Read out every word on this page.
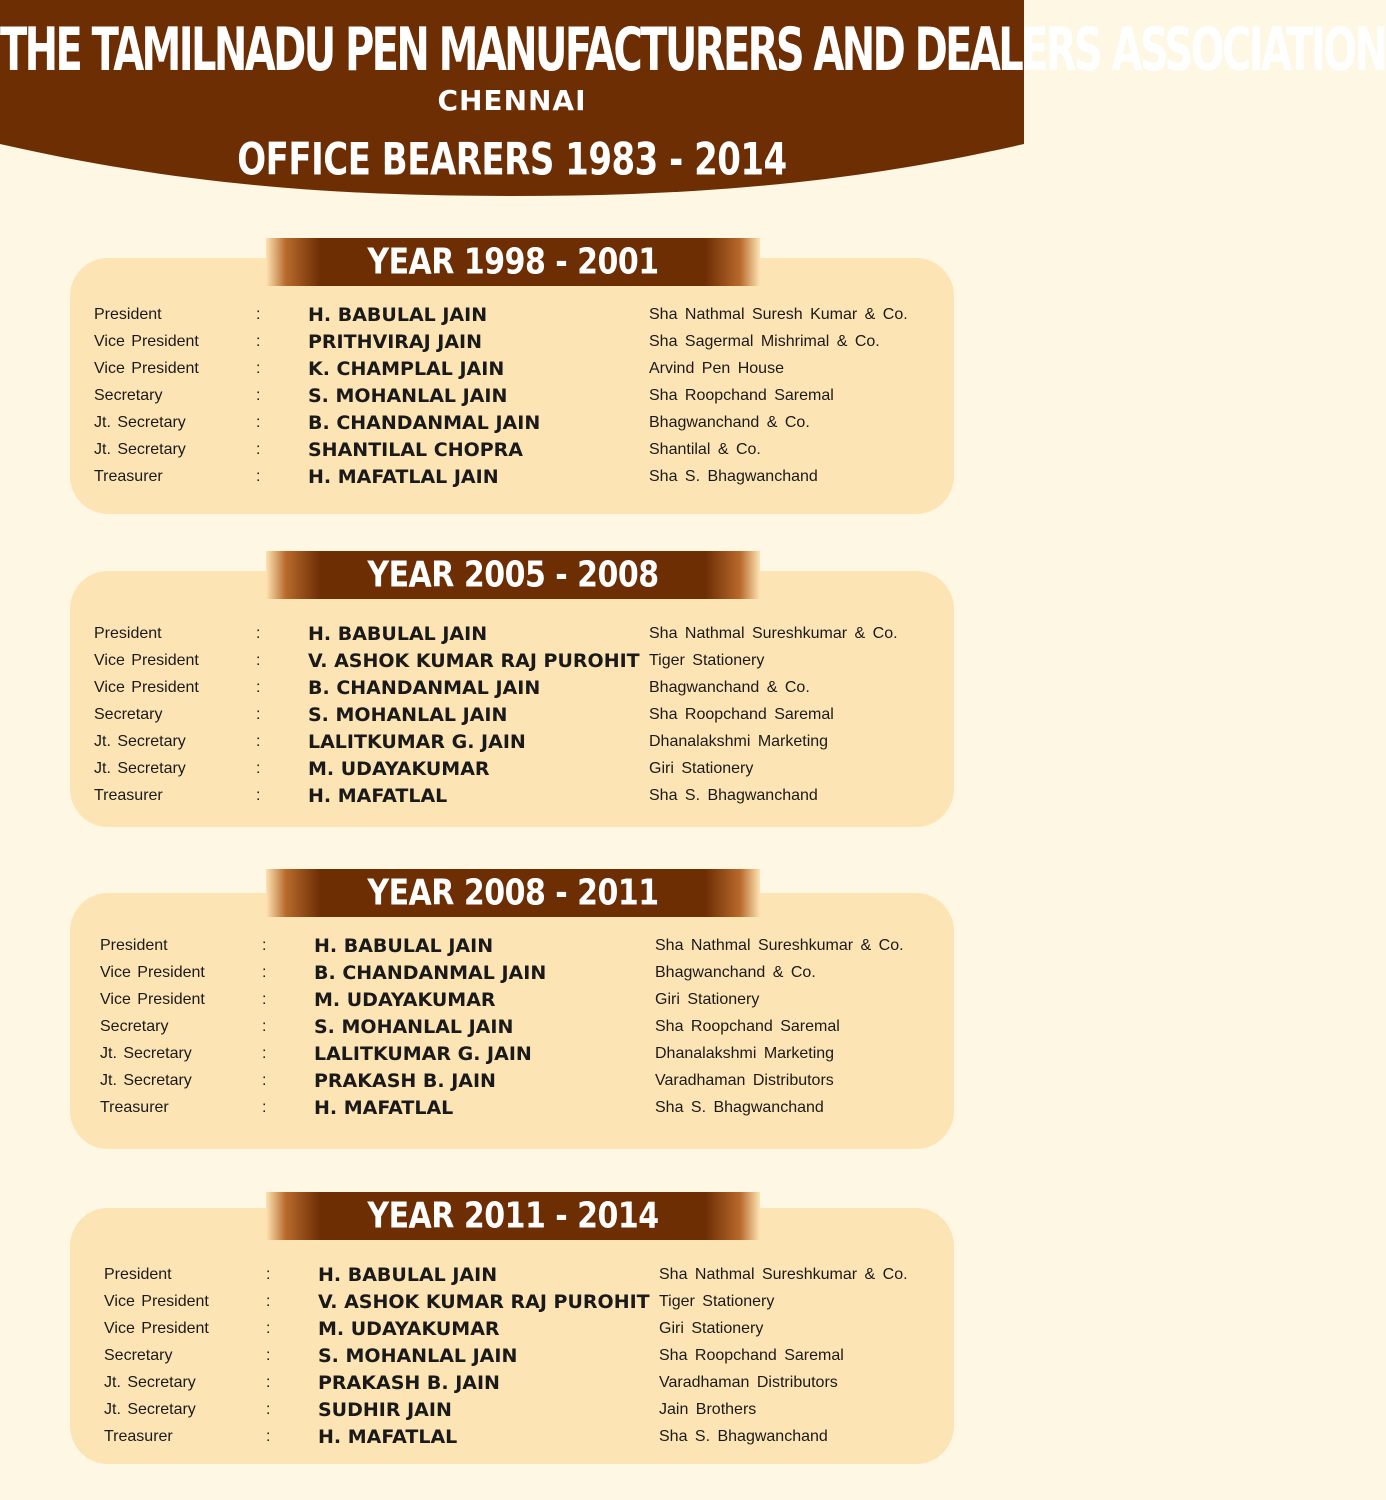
THE TAMILNADU PEN MANUFACTURERS AND DEALERS ASSOCIATION
CHENNAI
OFFICE BEARERS 1983 - 2014
YEAR 1998 - 2001
President	:	H. BABULAL JAIN	Sha Nathmal Suresh Kumar & Co.
Vice President	:	PRITHVIRAJ JAIN	Sha Sagermal Mishrimal & Co.
Vice President	:	K. CHAMPLAL JAIN	Arvind Pen House
Secretary	:	S. MOHANLAL JAIN	Sha Roopchand Saremal
Jt. Secretary	:	B. CHANDANMAL JAIN	Bhagwanchand & Co.
Jt. Secretary	:	SHANTILAL CHOPRA	Shantilal & Co.
Treasurer	:	H. MAFATLAL JAIN	Sha S. Bhagwanchand
YEAR 2005 - 2008
President	:	H. BABULAL JAIN	Sha Nathmal Sureshkumar & Co.
Vice President	:	V. ASHOK KUMAR RAJ PUROHIT Tiger Stationery
Vice President	:	B. CHANDANMAL JAIN	Bhagwanchand & Co.
Secretary	:	S. MOHANLAL JAIN	Sha Roopchand Saremal
Jt. Secretary	:	LALITKUMAR G. JAIN	Dhanalakshmi Marketing
Jt. Secretary	:	M. UDAYAKUMAR	Giri Stationery
Treasurer	:	H. MAFATLAL	Sha S. Bhagwanchand
YEAR 2008 - 2011
President	:	H. BABULAL JAIN	Sha Nathmal Sureshkumar & Co.
Vice President	:	B. CHANDANMAL JAIN	Bhagwanchand & Co.
Vice President	:	M. UDAYAKUMAR	Giri Stationery
Secretary	:	S. MOHANLAL JAIN	Sha Roopchand Saremal
Jt. Secretary	:	LALITKUMAR G. JAIN	Dhanalakshmi Marketing
Jt. Secretary	:	PRAKASH B. JAIN	Varadhaman Distributors
Treasurer	:	H. MAFATLAL	Sha S. Bhagwanchand
YEAR 2011 - 2014
President	:	H. BABULAL JAIN	Sha Nathmal Sureshkumar & Co.
Vice President	:	V. ASHOK KUMAR RAJ PUROHIT Tiger Stationery
Vice President	:	M. UDAYAKUMAR	Giri Stationery
Secretary	:	S. MOHANLAL JAIN	Sha Roopchand Saremal
Jt. Secretary	:	PRAKASH B. JAIN	Varadhaman Distributors
Jt. Secretary	:	SUDHIR JAIN	Jain Brothers
Treasurer	:	H. MAFATLAL	Sha S. Bhagwanchand
